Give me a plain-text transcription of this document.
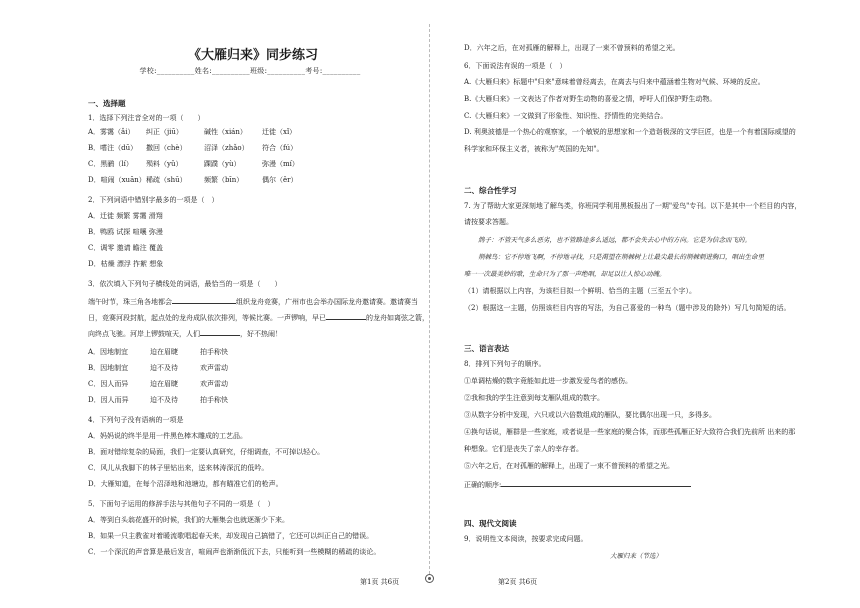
《大雁归来》同步练习
学校:__________姓名:__________班级:__________考号:__________
一、选择题
1．选择下列注音全对的一项（　　）
A．雾霭（ǎi） 纠正（jiū）	碱性（xián） 迁徙（xǐ）
B．嗜注（dū） 撒回（chè） 沼泽（zhǎo） 符合（fú）
C．黑鹂（lí） 殒料（yǔ）	踝蹼（yù）	弥漫（mí）
D．喧闹（xuān）稀疏（shū） 频繁（bīn）	偶尔（ěr）
2．下列词语中错别字最多的一项是（　）
A．迁徙 频繁 雾霭 滑翔
B．鸭鸥 试探 喧嚷 弥漫
C．调零 邀请 瞻注 覆盖
D．枯燥 漂浮 拃絮 想象
3．依次填入下列句子横线处的词语，最恰当的一项是（　　）
端午时节，珠三角各地都会	组织龙舟竞赛，广州市也会举办国际龙舟邀请赛。邀请赛当
日，竞赛河段封航，起点处的龙舟成队依次排列，等候比赛。一声锣响，早已	的龙舟如离弦之箭，
向终点飞驰。河岸上锣鼓喧天，人们	，好不热闹！
A．因地制宜	迫在眉睫	拍手称快
B．因地制宜	迫不及待	欢声雷动
C．因人而异	迫在眉睫	欢声雷动
D．因人而异	迫不及待	拍手称快
4．下列句子没有语病的一项是
A．妈妈说的终半是用一件黑色棒木雕成的工艺品。
B．面对错综复杂的局面，我们一定要认真研究，仔细调查，不可掉以轻心。
C．风儿从我脚下的林子里钻出来，送来林涛深沉的低吟。
D．大雁知道，在每个沼泽地和池塘边，都有瞄准它们的枪声。
5．下面句子运用的修辞手法与其他句子不同的一项是（　）
A．等到白头翁花盛开的时候，我们的大雁集会也就逐渐少下来。
B．如果一只主教雀对着暖流歌唱起春天来，却发现自己搞错了，它还可以纠正自己的错误。
C．一个深沉的声音算是最后发言，喧闹声也渐渐低沉下去，只能听到一些模糊的稀疏的谈论。
第1页 共6页
D．六年之后，在对孤雁的解释上，出现了一束不曾预料的希望之光。
6．下面说法有误的一项是（　）
A.《大雁归来》标题中"归来"意味着曾经离去，在离去与归来中蕴涵着生物对气候、环境的反应。
B.《大雁归来》一文表达了作者对野生动物的喜爱之情，呼吁人们保护野生动物。
C.《大雁归来》一文做到了形象性、知识性、抒情性的完美结合。
D. 利奥波德是一个热心的观察家，一个敏锐的思想家和一个造诣极深的文学巨匠，也是一个有着国际威望的
科学家和环保主义者，被称为"英国的先知"。
二、综合性学习
7. 为了帮助大家更深刻地了解鸟类，你班同学利用黑板报出了一期"爱鸟"专刊。以下是其中一个栏目的内容，
请按要求答题。
鸽子：不管天气多么恶劣，也不管路途多么遥远，都不会失去心中的方向。它是为信念而飞的。
荆棘鸟：它不停地飞啊，不停地寻找，只是渴望在荆棘树上让最尖最长的荆棘刺进胸口，唱出生命里
唯一一次最美妙的歌，生命只为了那一声绝唱，却足以让人惊心动魄。
（1）请根据以上内容，为该栏目拟一个鲜明、恰当的主题（三至五个字）。
（2）根据这一主题，仿照该栏目内容的写法，为自己喜爱的一种鸟（题中涉及的除外）写几句简短的话。
三、语言表达
8．排列下列句子的顺序。
①单调枯燥的数字竟能如此进一步激发爱鸟者的感伤。
②我和我的学生注意到每支雁队组成的数字。
③从数字分析中发现，六只或以六倍数组成的雁队，要比偶尔出现一只，多得多。
④换句话说，雁群是一些家庭，或者说是一些家庭的聚合体，而那些孤雁正好大致符合我们先前所 出来的那
种想象。它们是丧失了亲人的幸存者。
⑤六年之后，在对孤雁的解释上，出现了一束不曾预料的希望之光。
正确的顺序:
四、现代文阅读
9．说明性文本阅读，按要求完成问题。
大雁归来（节选）
第2页 共6页
